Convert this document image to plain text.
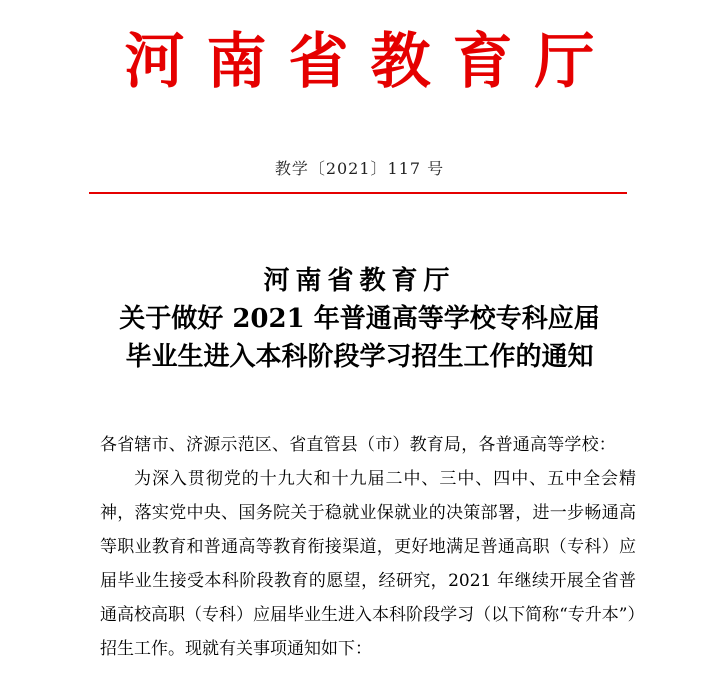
河南省教育厅
教学〔2021〕117 号
河南省教育厅
关于做好 2021 年普通高等学校专科应届
毕业生进入本科阶段学习招生工作的通知

各省辖市、济源示范区、省直管县（市）教育局，各普通高等学校：

为深入贯彻党的十九大和十九届二中、三中、四中、五中全会精神，落实党中央、国务院关于稳就业保就业的决策部署，进一步畅通高等职业教育和普通高等教育衔接渠道，更好地满足普通高职（专科）应届毕业生接受本科阶段教育的愿望，经研究，2021 年继续开展全省普通高校高职（专科）应届毕业生进入本科阶段学习（以下简称“专升本”）招生工作。现就有关事项通知如下：
